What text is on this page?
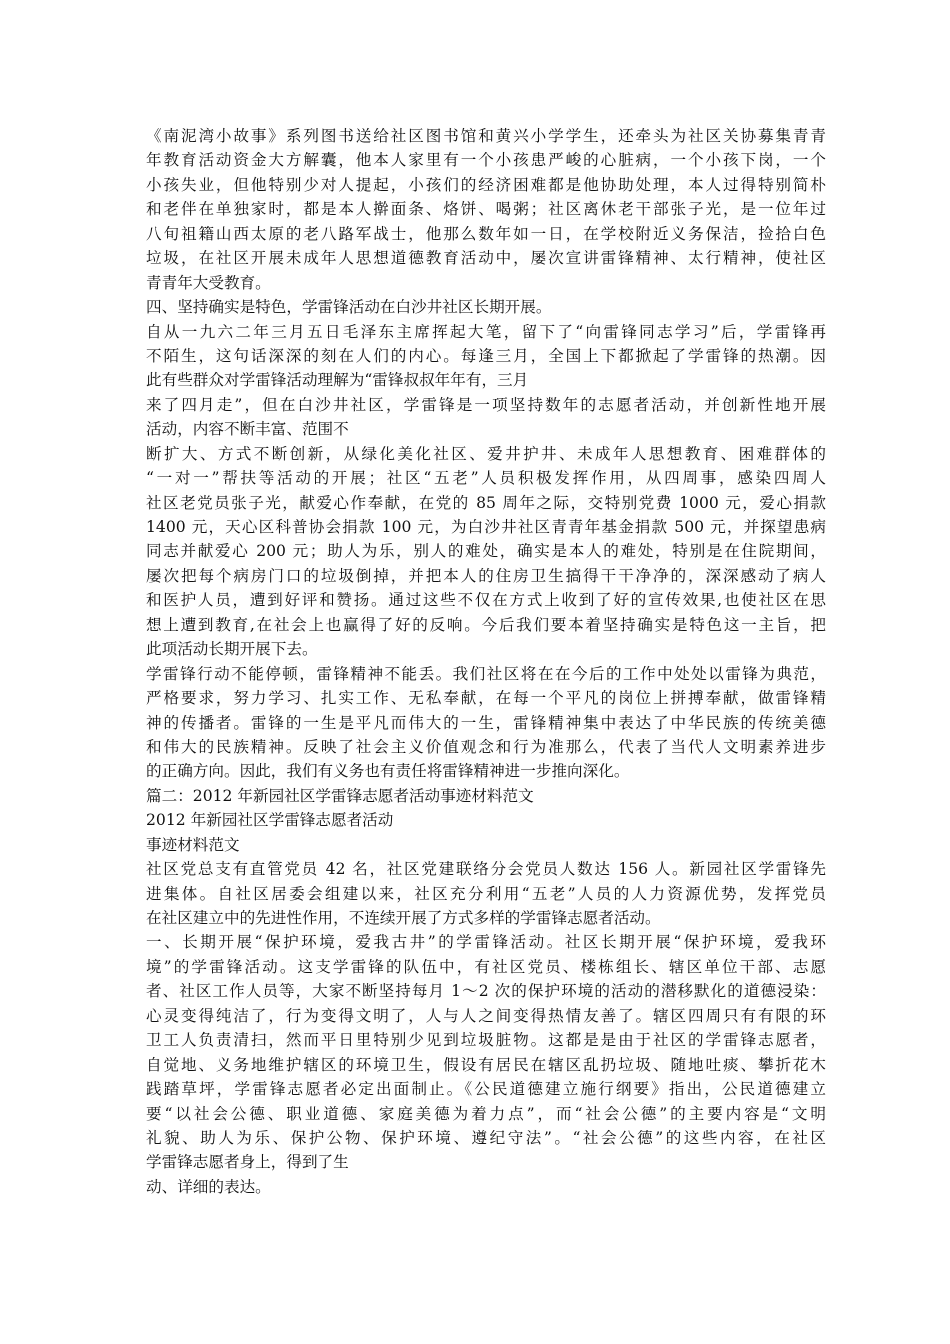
《南泥湾小故事》系列图书送给社区图书馆和黄兴小学学生，还牵头为社区关协募集青青
年教育活动资金大方解囊，他本人家里有一个小孩患严峻的心脏病，一个小孩下岗，一个
小孩失业，但他特别少对人提起，小孩们的经济困难都是他协助处理，本人过得特别简朴
和老伴在单独家时，都是本人擀面条、烙饼、喝粥；社区离休老干部张子光，是一位年过
八旬祖籍山西太原的老八路军战士，他那么数年如一日，在学校附近义务保洁，捡拾白色
垃圾，在社区开展未成年人思想道德教育活动中，屡次宣讲雷锋精神、太行精神，使社区
青青年大受教育。
四、坚持确实是特色，学雷锋活动在白沙井社区长期开展。
自从一九六二年三月五日毛泽东主席挥起大笔，留下了“向雷锋同志学习”后，学雷锋再
不陌生，这句话深深的刻在人们的内心。每逢三月，全国上下都掀起了学雷锋的热潮。因
此有些群众对学雷锋活动理解为“雷锋叔叔年年有，三月
来了四月走”，但在白沙井社区，学雷锋是一项坚持数年的志愿者活动，并创新性地开展
活动，内容不断丰富、范围不
断扩大、方式不断创新，从绿化美化社区、爱井护井、未成年人思想教育、困难群体的
“一对一”帮扶等活动的开展；社区“五老”人员积极发挥作用，从四周事，感染四周人
社区老党员张子光，献爱心作奉献，在党的 85 周年之际，交特别党费 1000 元，爱心捐款
1400 元，天心区科普协会捐款 100 元，为白沙井社区青青年基金捐款 500 元，并探望患病
同志并献爱心 200 元；助人为乐，别人的难处，确实是本人的难处，特别是在住院期间，
屡次把每个病房门口的垃圾倒掉，并把本人的住房卫生搞得干干净净的，深深感动了病人
和医护人员，遭到好评和赞扬。通过这些不仅在方式上收到了好的宣传效果,也使社区在思
想上遭到教育,在社会上也赢得了好的反响。今后我们要本着坚持确实是特色这一主旨，把
此项活动长期开展下去。
学雷锋行动不能停顿，雷锋精神不能丢。我们社区将在在今后的工作中处处以雷锋为典范，
严格要求，努力学习、扎实工作、无私奉献，在每一个平凡的岗位上拼搏奉献，做雷锋精
神的传播者。雷锋的一生是平凡而伟大的一生，雷锋精神集中表达了中华民族的传统美德
和伟大的民族精神。反映了社会主义价值观念和行为准那么，代表了当代人文明素养进步
的正确方向。因此，我们有义务也有责任将雷锋精神进一步推向深化。
篇二：2012 年新园社区学雷锋志愿者活动事迹材料范文
2012 年新园社区学雷锋志愿者活动
事迹材料范文
社区党总支有直管党员 42 名，社区党建联络分会党员人数达 156 人。新园社区学雷锋先
进集体。自社区居委会组建以来，社区充分利用“五老”人员的人力资源优势，发挥党员
在社区建立中的先进性作用，不连续开展了方式多样的学雷锋志愿者活动。
一、长期开展“保护环境，爱我古井”的学雷锋活动。社区长期开展“保护环境，爱我环
境”的学雷锋活动。这支学雷锋的队伍中，有社区党员、楼栋组长、辖区单位干部、志愿
者、社区工作人员等，大家不断坚持每月 1～2 次的保护环境的活动的潜移默化的道德浸染：
心灵变得纯洁了，行为变得文明了，人与人之间变得热情友善了。辖区四周只有有限的环
卫工人负责清扫，然而平日里特别少见到垃圾脏物。这都是是由于社区的学雷锋志愿者，
自觉地、义务地维护辖区的环境卫生，假设有居民在辖区乱扔垃圾、随地吐痰、攀折花木
践踏草坪，学雷锋志愿者必定出面制止。《公民道德建立施行纲要》指出，公民道德建立
要“以社会公德、职业道德、家庭美德为着力点”，而“社会公德”的主要内容是“文明
礼貌、助人为乐、保护公物、保护环境、遵纪守法”。“社会公德”的这些内容，在社区
学雷锋志愿者身上，得到了生
动、详细的表达。
